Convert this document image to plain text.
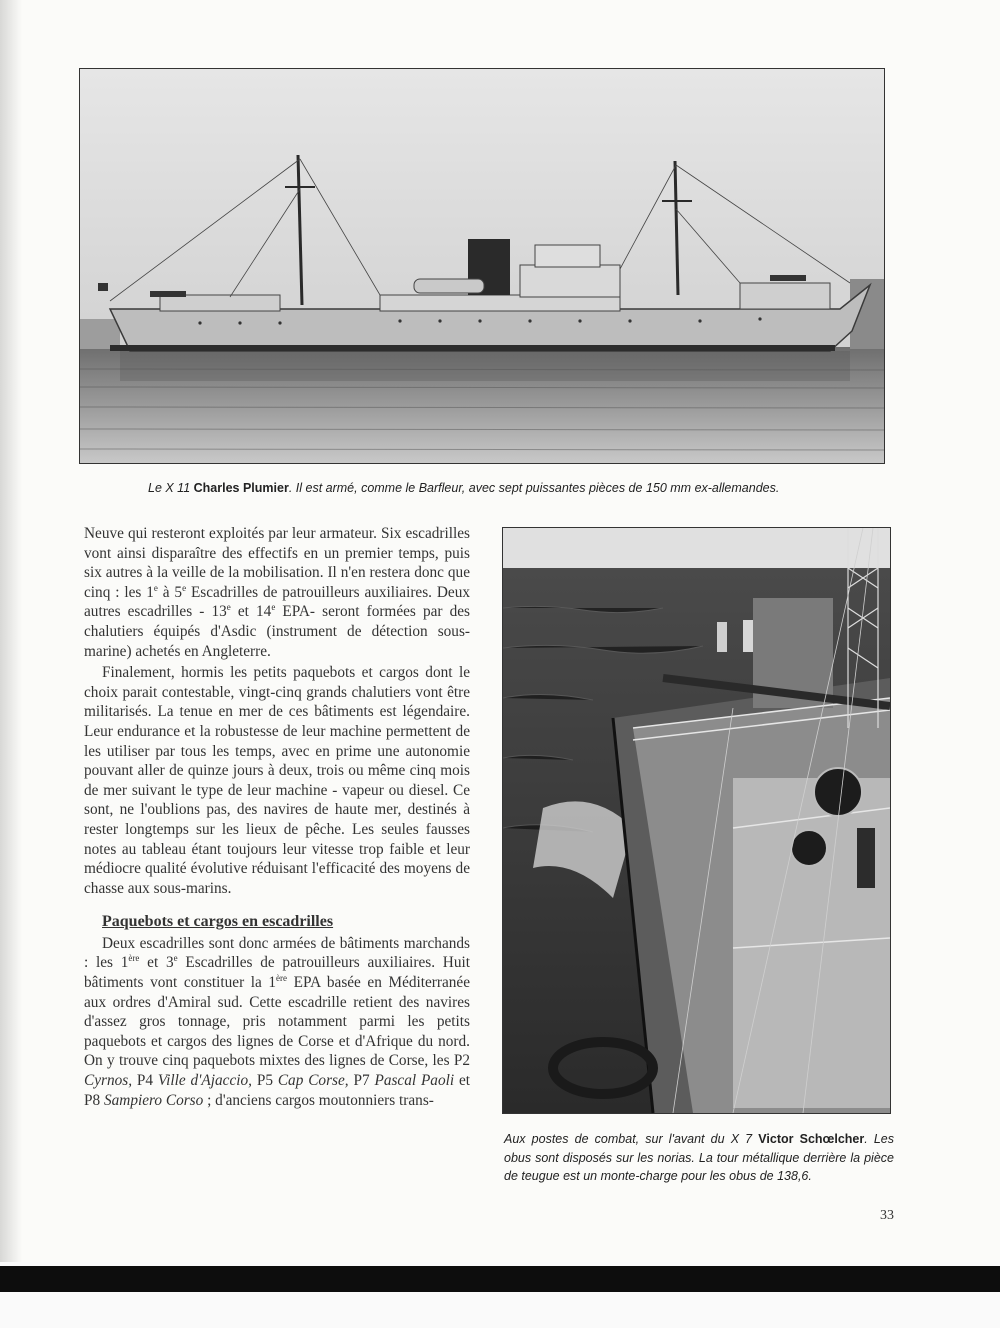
Le X 11 Charles Plumier. Il est armé, comme le Barfleur, avec sept puissantes pièces de 150 mm ex-allemandes.
Aux postes de combat, sur l'avant du X 7 Victor Schœlcher. Les obus sont disposés sur les norias. La tour métallique derrière la pièce de teugue est un monte-charge pour les obus de 138,6.

Neuve qui resteront exploités par leur armateur. Six escadrilles vont ainsi disparaître des effectifs en un premier temps, puis six autres à la veille de la mobilisation. Il n'en restera donc que cinq : les 1e à 5e Escadrilles de patrouilleurs auxiliaires. Deux autres escadrilles - 13e et 14e EPA- seront formées par des chalutiers équipés d'Asdic (instrument de détection sous-marine) achetés en Angleterre.

Finalement, hormis les petits paquebots et cargos dont le choix parait contestable, vingt-cinq grands chalutiers vont être militarisés. La tenue en mer de ces bâtiments est légendaire. Leur endurance et la robustesse de leur machine permettent de les utiliser par tous les temps, avec en prime une autonomie pouvant aller de quinze jours à deux, trois ou même cinq mois de mer suivant le type de leur machine - vapeur ou diesel. Ce sont, ne l'oublions pas, des navires de haute mer, destinés à rester longtemps sur les lieux de pêche. Les seules fausses notes au tableau étant toujours leur vitesse trop faible et leur médiocre qualité évolutive réduisant l'efficacité des moyens de chasse aux sous-marins.

Paquebots et cargos en escadrilles

Deux escadrilles sont donc armées de bâtiments marchands : les 1ère et 3e Escadrilles de patrouilleurs auxiliaires. Huit bâtiments vont constituer la 1ère EPA basée en Méditerranée aux ordres d'Amiral sud. Cette escadrille retient des navires d'assez gros tonnage, pris notamment parmi les petits paquebots et cargos des lignes de Corse et d'Afrique du nord. On y trouve cinq paquebots mixtes des lignes de Corse, les P2 Cyrnos, P4 Ville d'Ajaccio, P5 Cap Corse, P7 Pascal Paoli et P8 Sampiero Corso ; d'anciens cargos moutonniers trans-

33
